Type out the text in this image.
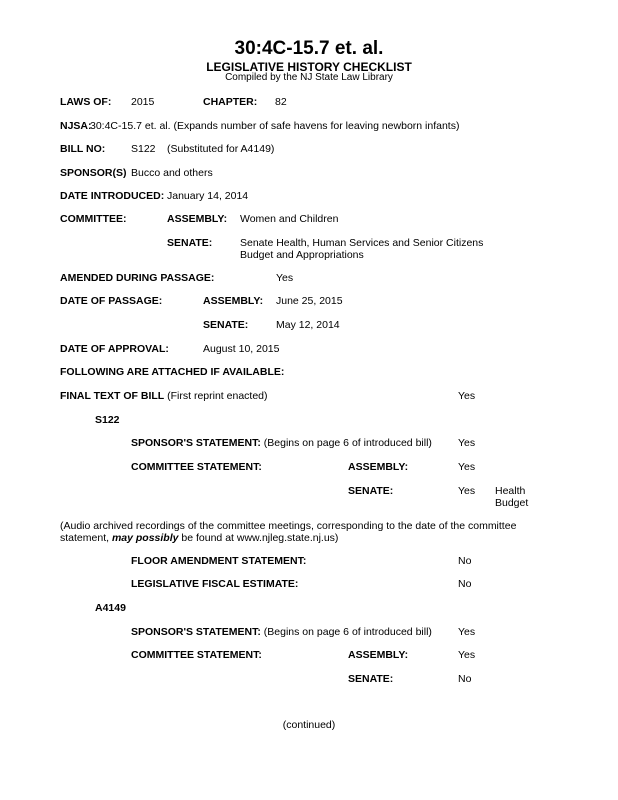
30:4C-15.7 et. al.
LEGISLATIVE HISTORY CHECKLIST
Compiled by the NJ State Law Library
LAWS OF: 2015	CHAPTER: 82
NJSA:
30:4C-15.7 et. al. (Expands number of safe havens for leaving newborn infants)
BILL NO: S122 (Substituted for A4149)
SPONSOR(S) Bucco and others
DATE INTRODUCED: January 14, 2014
COMMITTEE:	ASSEMBLY: Women and Children
SENATE:	Senate Health, Human Services and Senior Citizens
Budget and Appropriations
AMENDED DURING PASSAGE:	Yes
DATE OF PASSAGE:	ASSEMBLY: June 25, 2015
SENATE:	May 12, 2014
DATE OF APPROVAL:	August 10, 2015
FOLLOWING ARE ATTACHED IF AVAILABLE:
FINAL TEXT OF BILL (First reprint enacted)	Yes
S122
SPONSOR'S STATEMENT: (Begins on page 6 of introduced bill) Yes
COMMITTEE STATEMENT:	ASSEMBLY:	Yes
SENATE:	Yes Health
Budget
(Audio archived recordings of the committee meetings, corresponding to the date of the committee statement, may possibly be found at www.njleg.state.nj.us)
FLOOR AMENDMENT STATEMENT:	No
LEGISLATIVE FISCAL ESTIMATE:	No
A4149
SPONSOR'S STATEMENT: (Begins on page 6 of introduced bill) Yes
COMMITTEE STATEMENT:	ASSEMBLY:	Yes
SENATE:	No
(continued)
